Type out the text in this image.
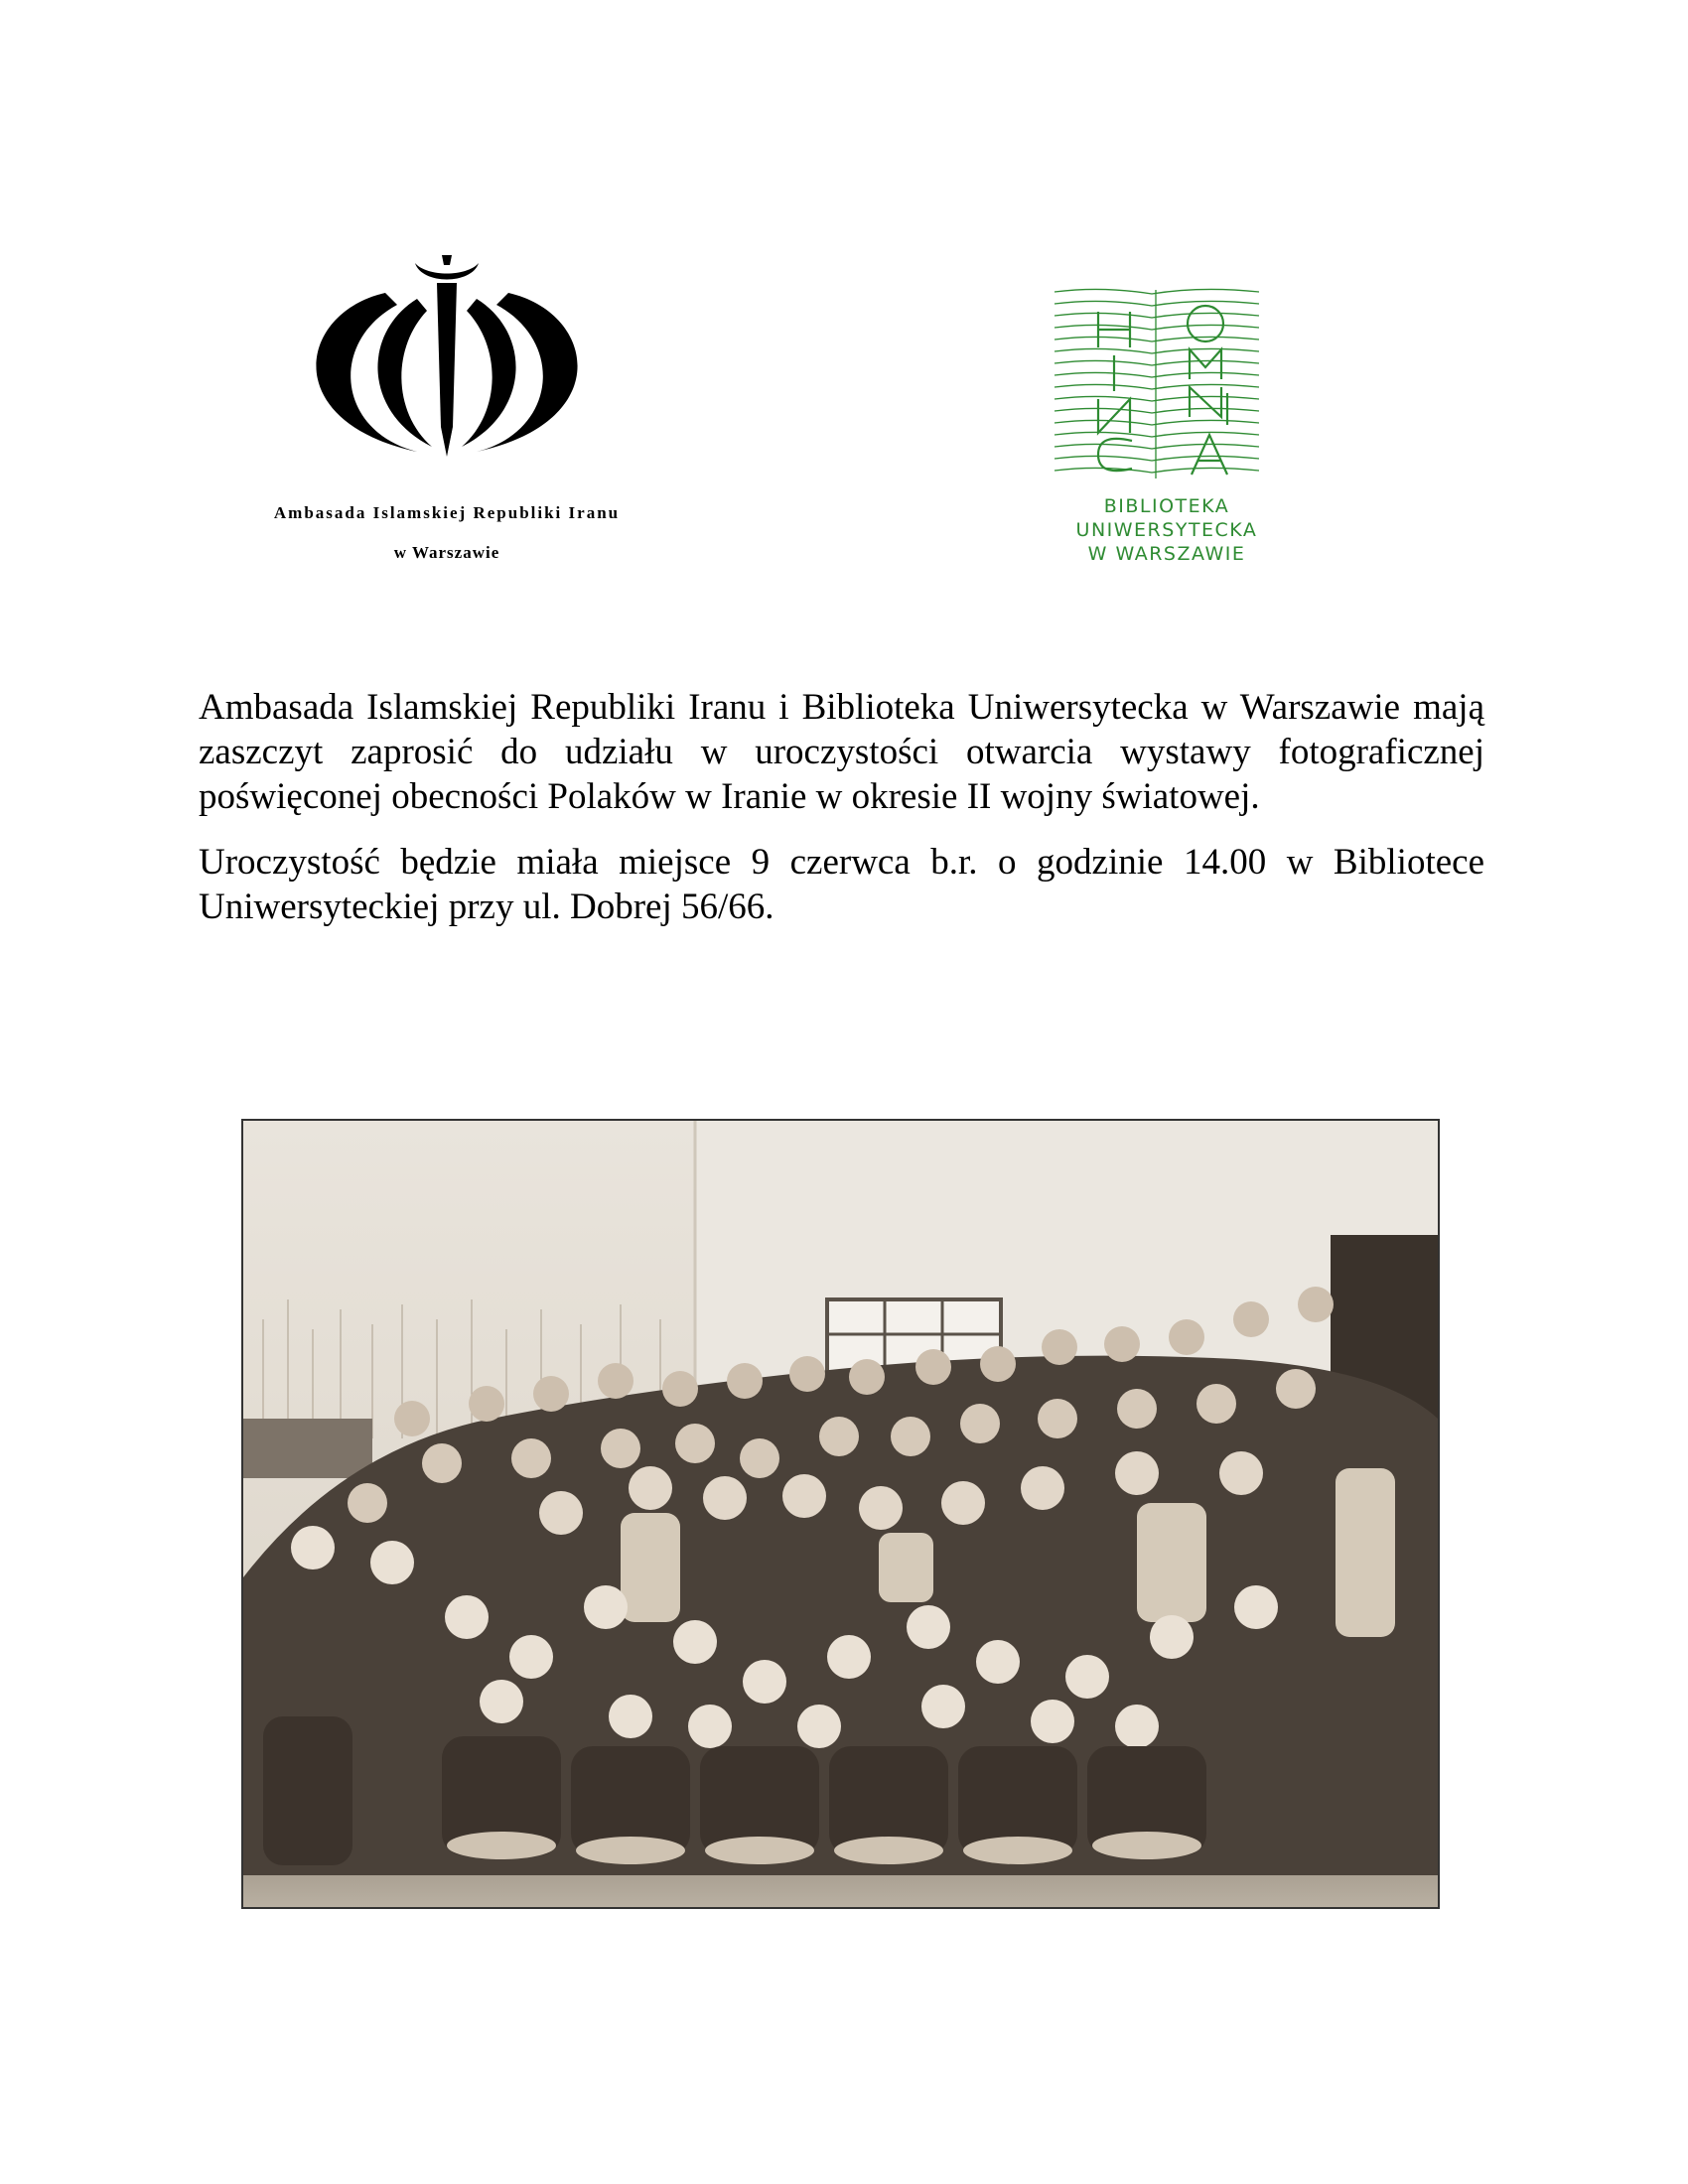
Ambasada Islamskiej Republiki Iranu
w Warszawie
BIBLIOTEKA
UNIWERSYTECKA
W WARSZAWIE

Ambasada Islamskiej Republiki Iranu i Biblioteka Uniwersytecka w Warszawie mają zaszczyt zaprosić do udziału w uroczystości otwarcia wystawy fotograficznej poświęconej obecności Polaków w Iranie w okresie II wojny światowej.

Uroczystość będzie miała miejsce 9 czerwca b.r. o godzinie 14.00 w Bibliotece Uniwersyteckiej przy ul. Dobrej 56/66.
